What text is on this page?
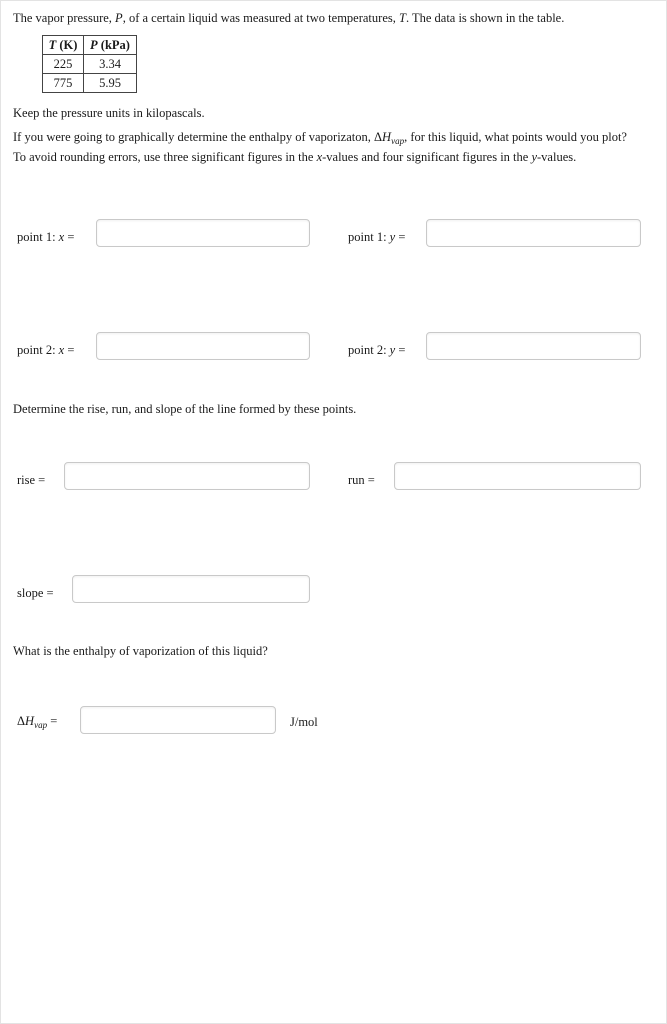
The vapor pressure, P, of a certain liquid was measured at two temperatures, T. The data is shown in the table.
T (K)	P (kPa)
225	3.34
775	5.95
Keep the pressure units in kilopascals.
If you were going to graphically determine the enthalpy of vaporizaton, $\Delta H_{vap}$, for this liquid, what points would you plot?
To avoid rounding errors, use three significant figures in the x-values and four significant figures in the y-values.
point 1: x =	point 1: y =
point 2: x =	point 2: y =
Determine the rise, run, and slope of the line formed by these points.
rise =	run =
slope =
What is the enthalpy of vaporization of this liquid?
$\Delta H_{vap}$ =	J/mol
